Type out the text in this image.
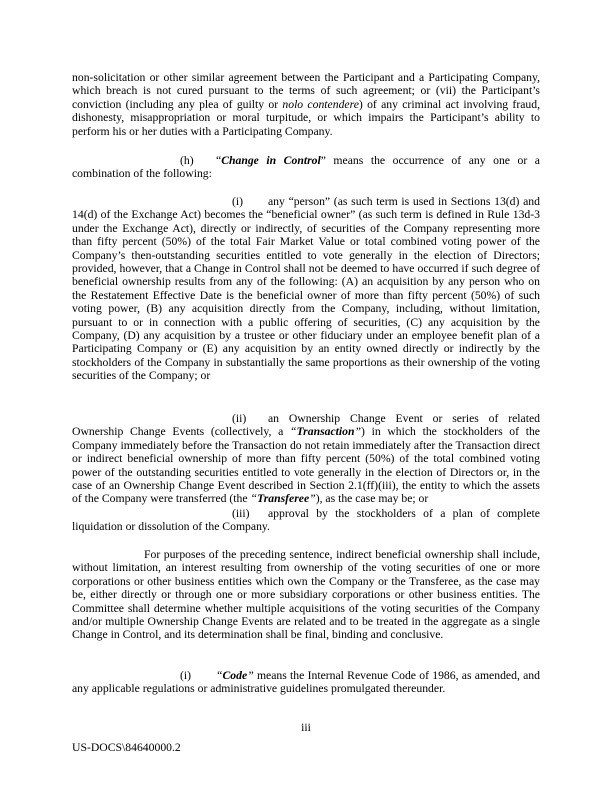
non-solicitation or other similar agreement between the Participant and a Participating Company, which breach is not cured pursuant to the terms of such agreement; or (vii) the Participant’s conviction (including any plea of guilty or nolo contendere) of any criminal act involving fraud, dishonesty, misappropriation or moral turpitude, or which impairs the Participant’s ability to perform his or her duties with a Participating Company.

(h) “Change in Control” means the occurrence of any one or a combination of the following:

(i) any “person” (as such term is used in Sections 13(d) and 14(d) of the Exchange Act) becomes the “beneficial owner” (as such term is defined in Rule 13d-3 under the Exchange Act), directly or indirectly, of securities of the Company representing more than fifty percent (50%) of the total Fair Market Value or total combined voting power of the Company’s then-outstanding securities entitled to vote generally in the election of Directors; provided, however, that a Change in Control shall not be deemed to have occurred if such degree of beneficial ownership results from any of the following: (A) an acquisition by any person who on the Restatement Effective Date is the beneficial owner of more than fifty percent (50%) of such voting power, (B) any acquisition directly from the Company, including, without limitation, pursuant to or in connection with a public offering of securities, (C) any acquisition by the Company, (D) any acquisition by a trustee or other fiduciary under an employee benefit plan of a Participating Company or (E) any acquisition by an entity owned directly or indirectly by the stockholders of the Company in substantially the same proportions as their ownership of the voting securities of the Company; or

(ii) an Ownership Change Event or series of related Ownership Change Events (collectively, a “Transaction”) in which the stockholders of the Company immediately before the Transaction do not retain immediately after the Transaction direct or indirect beneficial ownership of more than fifty percent (50%) of the total combined voting power of the outstanding securities entitled to vote generally in the election of Directors or, in the case of an Ownership Change Event described in Section 2.1(ff)(iii), the entity to which the assets of the Company were transferred (the “Transferee”), as the case may be; or

(iii) approval by the stockholders of a plan of complete liquidation or dissolution of the Company.

For purposes of the preceding sentence, indirect beneficial ownership shall include, without limitation, an interest resulting from ownership of the voting securities of one or more corporations or other business entities which own the Company or the Transferee, as the case may be, either directly or through one or more subsidiary corporations or other business entities. The Committee shall determine whether multiple acquisitions of the voting securities of the Company and/or multiple Ownership Change Events are related and to be treated in the aggregate as a single Change in Control, and its determination shall be final, binding and conclusive.

(i) “Code” means the Internal Revenue Code of 1986, as amended, and any applicable regulations or administrative guidelines promulgated thereunder.

iii
US-DOCS\84640000.2
